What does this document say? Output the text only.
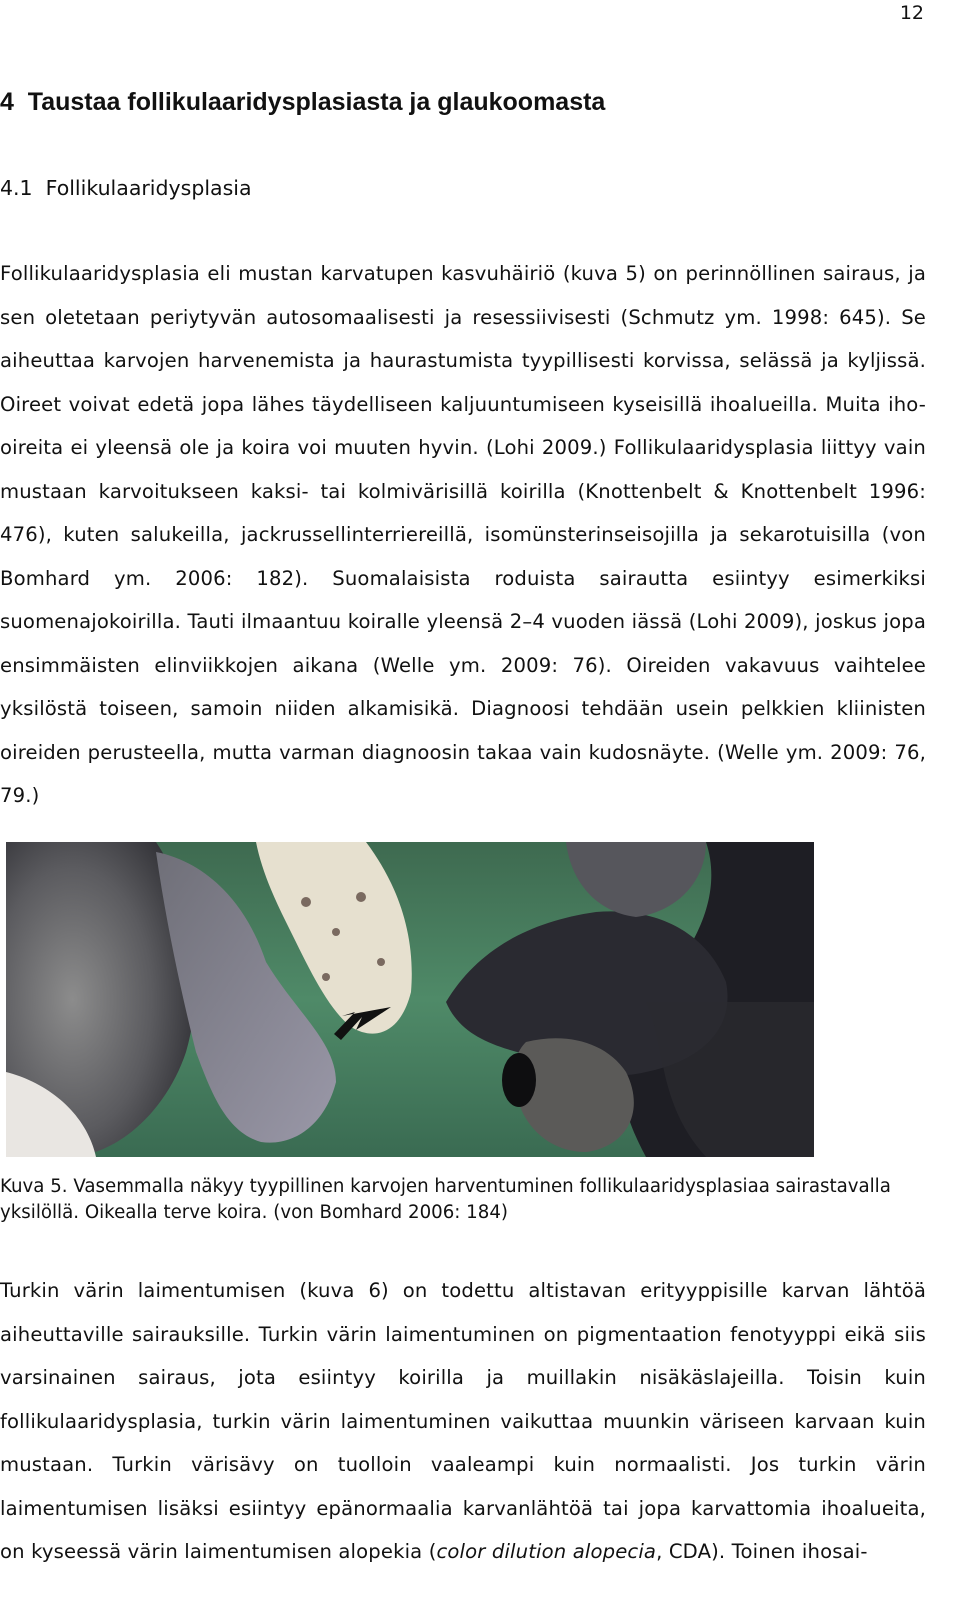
12
4  Taustaa follikulaaridysplasiasta ja glaukoomasta
4.1  Follikulaaridysplasia

Follikulaaridysplasia eli mustan karvatupen kasvuhäiriö (kuva 5) on perinnöllinen sairaus, ja sen oletetaan periytyvän autosomaalisesti ja resessiivisesti (Schmutz ym. 1998: 645). Se aiheuttaa karvojen harvenemista ja haurastumista tyypillisesti korvissa, selässä ja kyljissä. Oireet voivat edetä jopa lähes täydelliseen kaljuuntumiseen kyseisillä ihoalueilla. Muita iho-oireita ei yleensä ole ja koira voi muuten hyvin. (Lohi 2009.) Follikulaaridysplasia liittyy vain mustaan karvoitukseen kaksi- tai kolmivärisillä koirilla (Knottenbelt & Knottenbelt 1996: 476), kuten salukeilla, jackrussellinterriereillä, isomünsterinseisojilla ja sekarotuisilla (von Bomhard ym. 2006: 182). Suomalaisista roduista sairautta esiintyy esimerkiksi suomenajokoirilla. Tauti ilmaantuu koiralle yleensä 2–4 vuoden iässä (Lohi 2009), joskus jopa ensimmäisten elinviikkojen aikana (Welle ym. 2009: 76). Oireiden vakavuus vaihtelee yksilöstä toiseen, samoin niiden alkamisikä. Diagnoosi tehdään usein pelkkien kliinisten oireiden perusteella, mutta varman diagnoosin takaa vain kudosnäyte. (Welle ym. 2009: 76, 79.)

Kuva 5. Vasemmalla näkyy tyypillinen karvojen harventuminen follikulaaridysplasiaa sairastavalla yksilöllä. Oikealla terve koira. (von Bomhard 2006: 184)

Turkin värin laimentumisen (kuva 6) on todettu altistavan erityyppisille karvan lähtöä aiheuttaville sairauksille. Turkin värin laimentuminen on pigmentaation fenotyyppi eikä siis varsinainen sairaus, jota esiintyy koirilla ja muillakin nisäkäslajeilla. Toisin kuin follikulaaridysplasia, turkin värin laimentuminen vaikuttaa muunkin väriseen karvaan kuin mustaan. Turkin värisävy on tuolloin vaaleampi kuin normaalisti. Jos turkin värin laimentumisen lisäksi esiintyy epänormaalia karvanlähtöä tai jopa karvattomia ihoalueita, on kyseessä värin laimentumisen alopekia (color dilution alopecia, CDA). Toinen ihosai-
